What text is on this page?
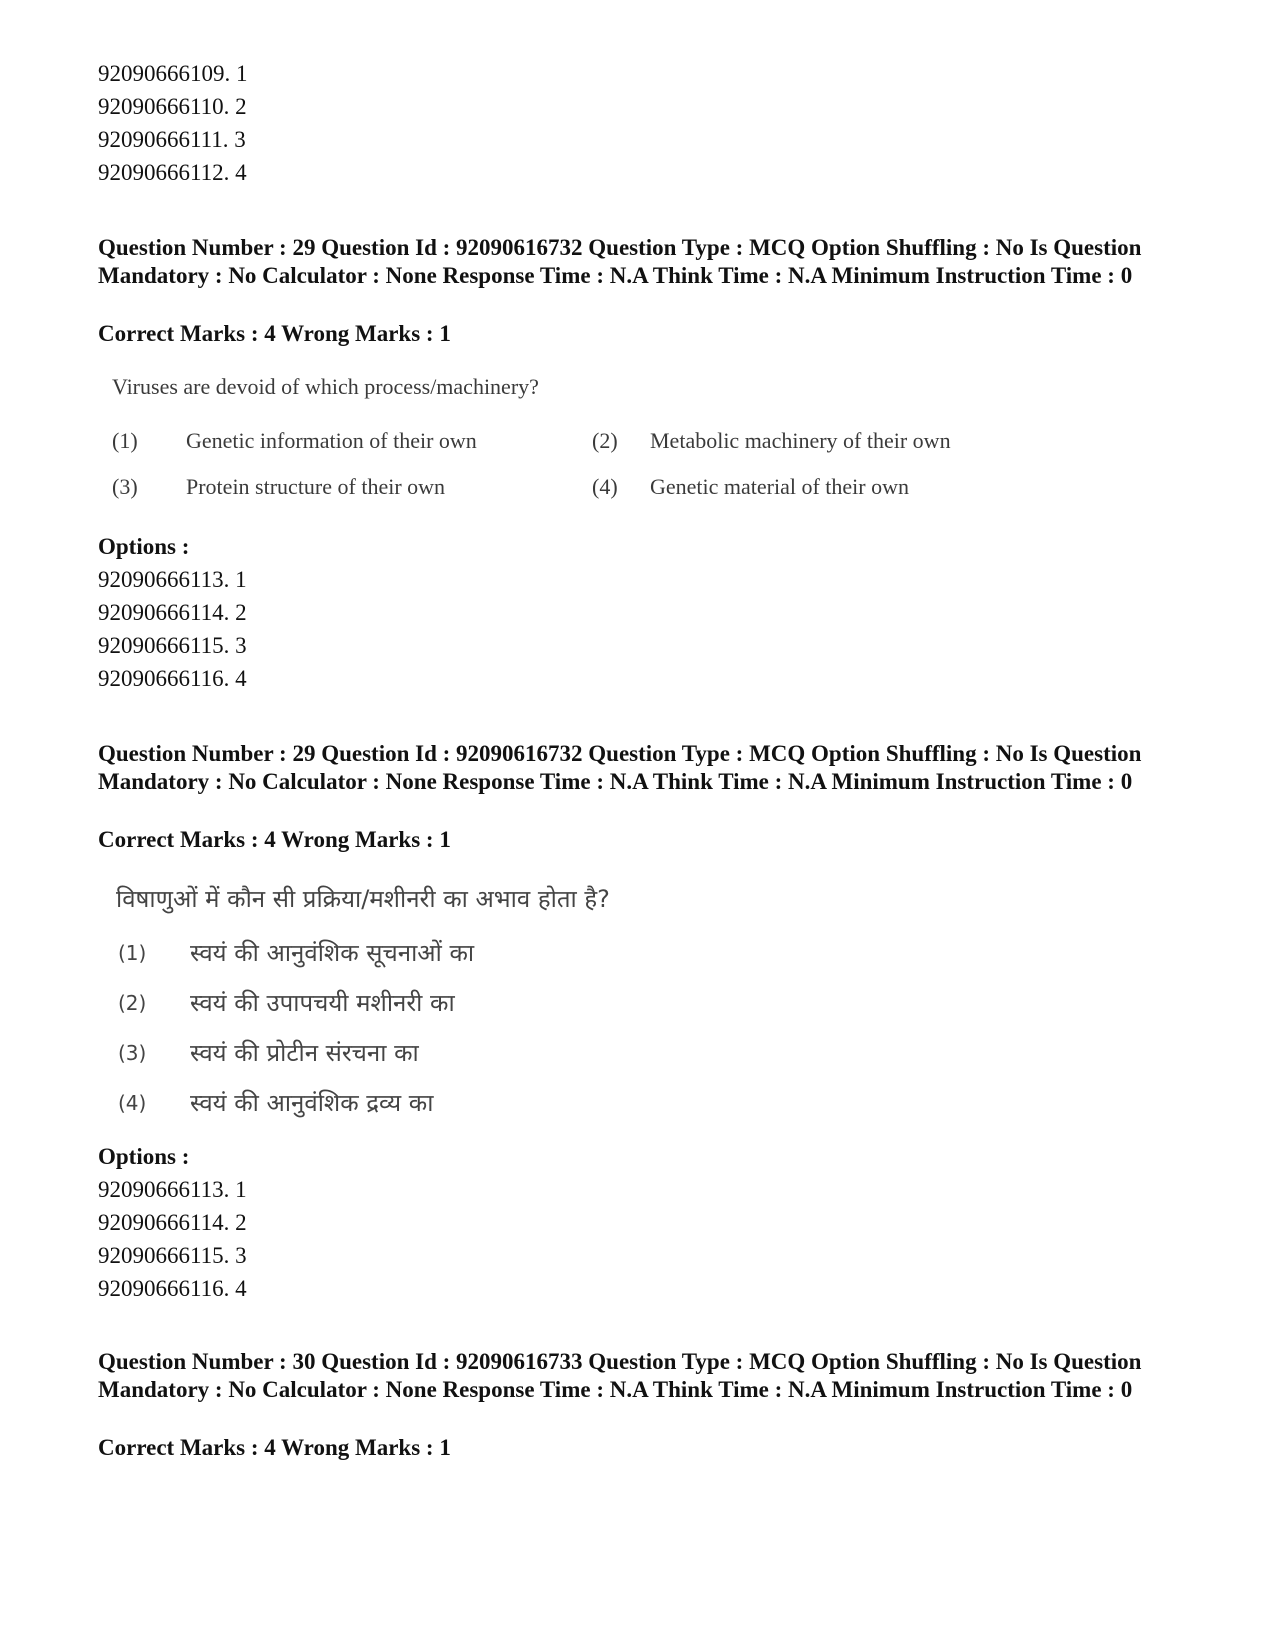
92090666109. 1
92090666110. 2
92090666111. 3
92090666112. 4
Question Number : 29 Question Id : 92090616732 Question Type : MCQ Option Shuffling : No Is Question Mandatory : No Calculator : None Response Time : N.A Think Time : N.A Minimum Instruction Time : 0
Correct Marks : 4 Wrong Marks : 1
Viruses are devoid of which process/machinery?
(1) Genetic information of their own	(2) Metabolic machinery of their own
(3) Protein structure of their own	(4) Genetic material of their own
Options :
92090666113. 1
92090666114. 2
92090666115. 3
92090666116. 4
Question Number : 29 Question Id : 92090616732 Question Type : MCQ Option Shuffling : No Is Question Mandatory : No Calculator : None Response Time : N.A Think Time : N.A Minimum Instruction Time : 0
Correct Marks : 4 Wrong Marks : 1
विषाणुओं में कौन सी प्रक्रिया/मशीनरी का अभाव होता है?
(1) स्वयं की आनुवंशिक सूचनाओं का
(2) स्वयं की उपापचयी मशीनरी का
(3) स्वयं की प्रोटीन संरचना का
(4) स्वयं की आनुवंशिक द्रव्य का
Options :
92090666113. 1
92090666114. 2
92090666115. 3
92090666116. 4
Question Number : 30 Question Id : 92090616733 Question Type : MCQ Option Shuffling : No Is Question Mandatory : No Calculator : None Response Time : N.A Think Time : N.A Minimum Instruction Time : 0
Correct Marks : 4 Wrong Marks : 1
